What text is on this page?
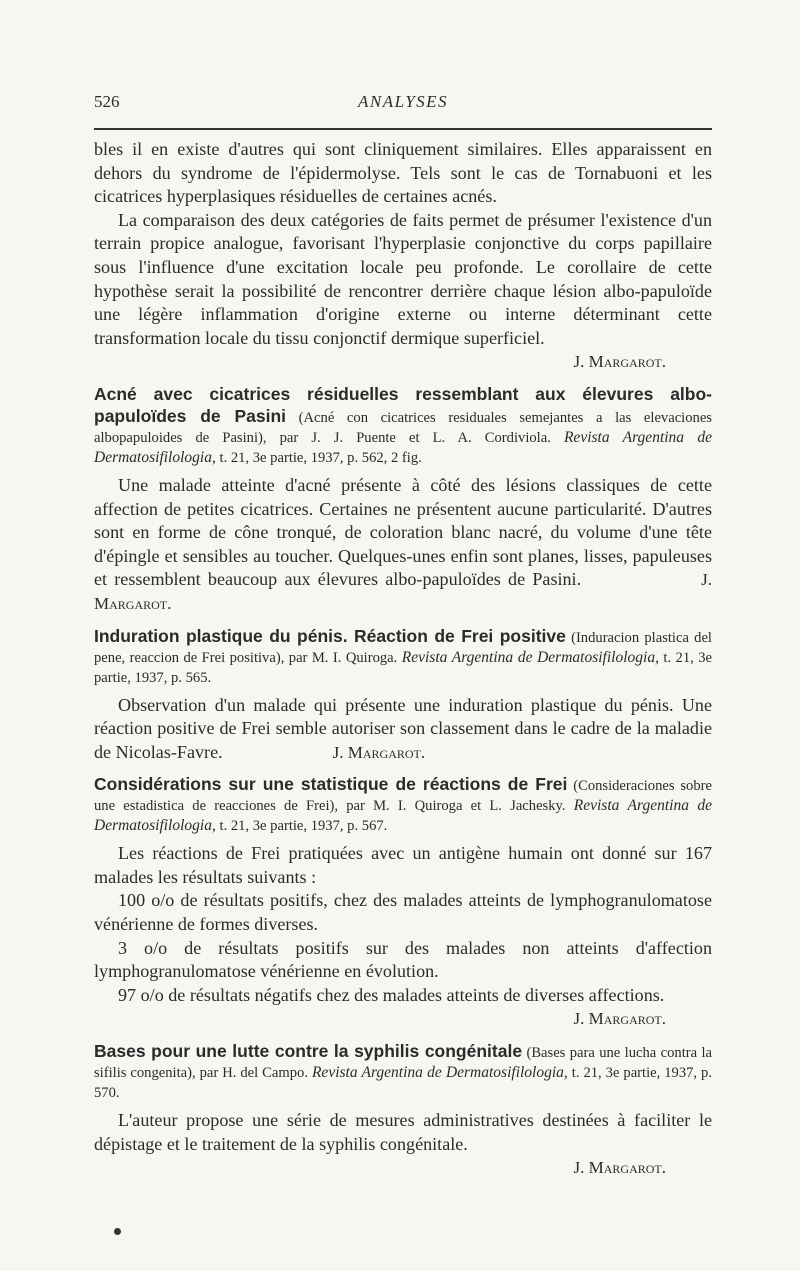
526	ANALYSES

bles il en existe d'autres qui sont cliniquement similaires. Elles apparaissent en dehors du syndrome de l'épidermolyse. Tels sont le cas de Tornabuoni et les cicatrices hyperplasiques résiduelles de certaines acnés.

La comparaison des deux catégories de faits permet de présumer l'existence d'un terrain propice analogue, favorisant l'hyperplasie conjonctive du corps papillaire sous l'influence d'une excitation locale peu profonde. Le corollaire de cette hypothèse serait la possibilité de rencontrer derrière chaque lésion albo-papuloïde une légère inflammation d'origine externe ou interne déterminant cette transformation locale du tissu conjonctif dermique superficiel.
J. Margarot.

Acné avec cicatrices résiduelles ressemblant aux élevures albo-papuloïdes de Pasini (Acné con cicatrices residuales semejantes a las elevaciones albopapuloides de Pasini), par J. J. Puente et L. A. Cordiviola. Revista Argentina de Dermatosifilologia, t. 21, 3e partie, 1937, p. 562, 2 fig.

Une malade atteinte d'acné présente à côté des lésions classiques de cette affection de petites cicatrices. Certaines ne présentent aucune particularité. D'autres sont en forme de cône tronqué, de coloration blanc nacré, du volume d'une tête d'épingle et sensibles au toucher. Quelques-unes enfin sont planes, lisses, papuleuses et ressemblent beaucoup aux élevures albo-papuloïdes de Pasini.	J. Margarot.

Induration plastique du pénis. Réaction de Frei positive (Induracion plastica del pene, reaccion de Frei positiva), par M. I. Quiroga. Revista Argentina de Dermatosifilologia, t. 21, 3e partie, 1937, p. 565.

Observation d'un malade qui présente une induration plastique du pénis. Une réaction positive de Frei semble autoriser son classement dans le cadre de la maladie de Nicolas-Favre.	J. Margarot.

Considérations sur une statistique de réactions de Frei (Consideraciones sobre une estadistica de reacciones de Frei), par M. I. Quiroga et L. Jachesky. Revista Argentina de Dermatosifilologia, t. 21, 3e partie, 1937, p. 567.

Les réactions de Frei pratiquées avec un antigène humain ont donné sur 167 malades les résultats suivants :

100 o/o de résultats positifs, chez des malades atteints de lymphogranulomatose vénérienne de formes diverses.

3 o/o de résultats positifs sur des malades non atteints d'affection lymphogranulomatose vénérienne en évolution.

97 o/o de résultats négatifs chez des malades atteints de diverses affections.
J. Margarot.

Bases pour une lutte contre la syphilis congénitale (Bases para une lucha contra la sifilis congenita), par H. del Campo. Revista Argentina de Dermatosifilologia, t. 21, 3e partie, 1937, p. 570.

L'auteur propose une série de mesures administratives destinées à faciliter le dépistage et le traitement de la syphilis congénitale.

J. Margarot.
